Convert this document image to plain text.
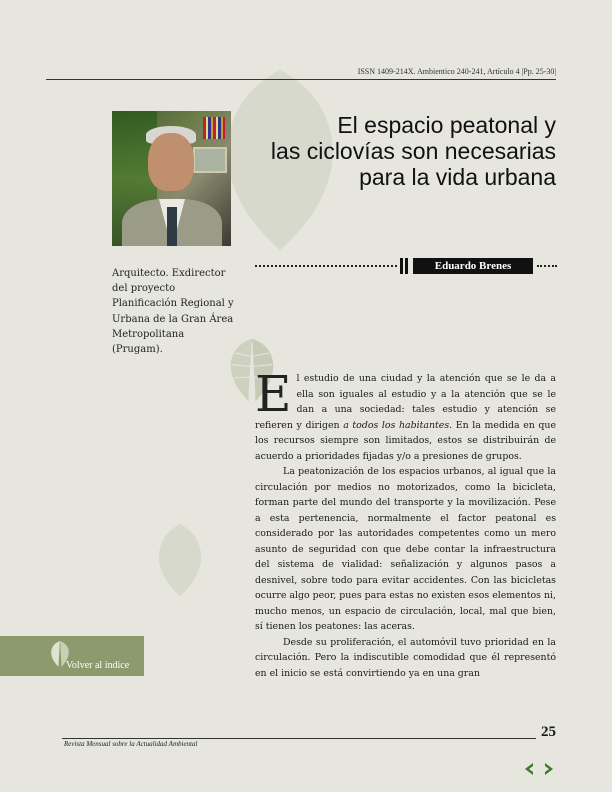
ISSN 1409-214X. Ambientico 240-241, Artículo 4 |Pp. 25-30|
El espacio peatonal y
las ciclovías son necesarias
para la vida urbana
Eduardo Brenes

Arquitecto. Exdirector del proyecto Planificación Regional y Urbana de la Gran Área Metropolitana (Prugam).

El estudio de una ciudad y la atención que se le da a ella son iguales al estudio y a la atención que se le dan a una sociedad: tales estudio y atención se refieren y dirigen a todos los habitantes. En la medida en que los recursos siempre son limitados, estos se distribuirán de acuerdo a prioridades fijadas y/o a presiones de grupos.

La peatonización de los espacios urbanos, al igual que la circulación por medios no motorizados, como la bicicleta, forman parte del mundo del transporte y la movilización. Pese a esta pertenencia, normalmente el factor peatonal es considerado por las autoridades competentes como un mero asunto de seguridad con que debe contar la infraestructura del sistema de vialidad: señalización y algunos pasos a desnivel, sobre todo para evitar accidentes. Con las bicicletas ocurre algo peor, pues para estas no existen esos elementos ni, mucho menos, un espacio de circulación, local, mal que bien, sí tienen los peatones: las aceras.

Desde su proliferación, el automóvil tuvo prioridad en la circulación. Pero la indiscutible comodidad que él representó en el inicio se está convirtiendo ya en una gran

Volver al índice
25
Revista Mensual sobre la Actualidad Ambiental
